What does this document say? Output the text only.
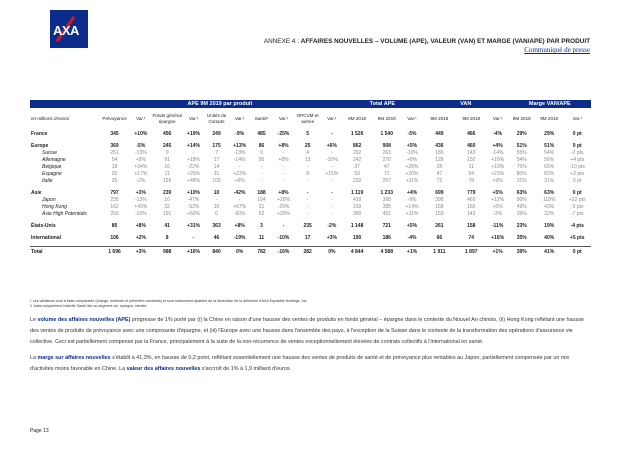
AXA
ANNEXE 4 : AFFAIRES NOUVELLES – VOLUME (APE), VALEUR (VAN) ET MARGE (VAN/APE) PAR PRODUIT
Communiqué de presse
	APE 9M 2019 par produit										Total APE			VAN			Marge VAN/APE		
en millions d'euros	Prévoyance	Var.¹	Fonds général épargne	Var.¹	Unités de Compte	Var.¹	Santé¹	Var.¹	OPCVM et autres	Var.¹	9M 2018	9M 2019	Var.¹	9M 2018	9M 2019	Var.¹	9M 2018	9M 2019	Var.¹
France	345	+10%	456	+19%	249	-9%	485	-25%	5	-	1 526	1 540	-5%	449	466	-4%	29%	29%	0 pt

Europe	369	-5%	245	+14%	175	+13%	86	+8%	25	+6%	862	908	+5%	436	460	+4%	51%	51%	0 pt
Suisse	251	-13%	0	-	7	-13%	0	-	4	-	292	263	-10%	180	143	-14%	55%	54%	-2 pts
Allemagne	54	+9%	91	+18%	17	-14%	95	+8%	13	-10%	242	270	+8%	128	150	+16%	54%	56%	+4 pts
Belgique	18	+34%	16	-22%	14	-	-	-	-	-	37	47	+28%	28	31	+10%	75%	65%	-10 pts
Espagne	20	+17%	11	+25%	31	+23%	-	-	8	+15%	59	71	+20%	47	54	+23%	80%	82%	+2 pts
Italie	25	-2%	126	+48%	105	+6%	-	-	-	-	232	257	+11%	72	78	+9%	31%	31%	0 pt

Asie	797	+3%	239	+10%	10	-42%	188	+8%	-	-	1 119	1 233	+4%	699	779	+5%	63%	63%	0 pt
Japon	235	-13%	16	-47%	-	-	104	+20%	-	-	410	398	-9%	398	469	+12%	90%	118%	+22 pts
Hong Kong	162	+45%	32	-53%	10	+67%	31	-29%	-	-	319	385	+14%	158	166	+5%	49%	43%	-5 pts
Asie High Potentials	200	-10%	191	+50%	0	-90%	52	+20%	-	-	390	451	+11%	150	143	-3%	39%	32%	-7 pts

États-Unis	80	+8%	41	+31%	363	+8%	3	-	235	-2%	1 148	721	+5%	261	158	-11%	23%	19%	-4 pts

International	106	+2%	8	-	46	-19%	11	-10%	17	+3%	190	186	-4%	66	74	+16%	35%	40%	+5 pts

Total	1 696	+3%	988	+16%	840	0%	782	-16%	282	0%	4 844	4 588	+1%	1 911	1 897	+1%	39%	41%	0 pt
i. Les variations sont à base comparable (change, méthode et périmètre constants) et sont notamment ajustées de la diminution de la détention d'AXA Equitable Holdings, Inc.
ii. Inclut uniquement l'activité Santé liée au segment vie, épargne, retraite.

Le volume des affaires nouvelles (APE) progresse de 1% porté par (i) la Chine en raison d'une hausse des ventes de produits en fonds général – épargne dans le contexte du Nouvel An chinois, (ii) Hong Kong reflétant une hausse des ventes de produits de prévoyance avec une composante d'épargne, et (iii) l'Europe avec une hausse dans l'ensemble des pays, à l'exception de la Suisse dans le contexte de la transformation des opérations d'assurance vie collective. Ceci est partiellement compensé par la France, principalement à la suite de la non-récurrence de ventes exceptionnellement élevées de contrats collectifs à l'international en santé.

La marge sur affaires nouvelles s'établit à 41,3%, en hausse de 0,2 point, reflétant essentiellement une hausse des ventes de produits de santé et de prévoyance plus rentables au Japon, partiellement compensée par un mix d'activités moins favorable en Chine. La valeur des affaires nouvelles s'accroît de 1% à 1,9 milliard d'euros.

Page 13
